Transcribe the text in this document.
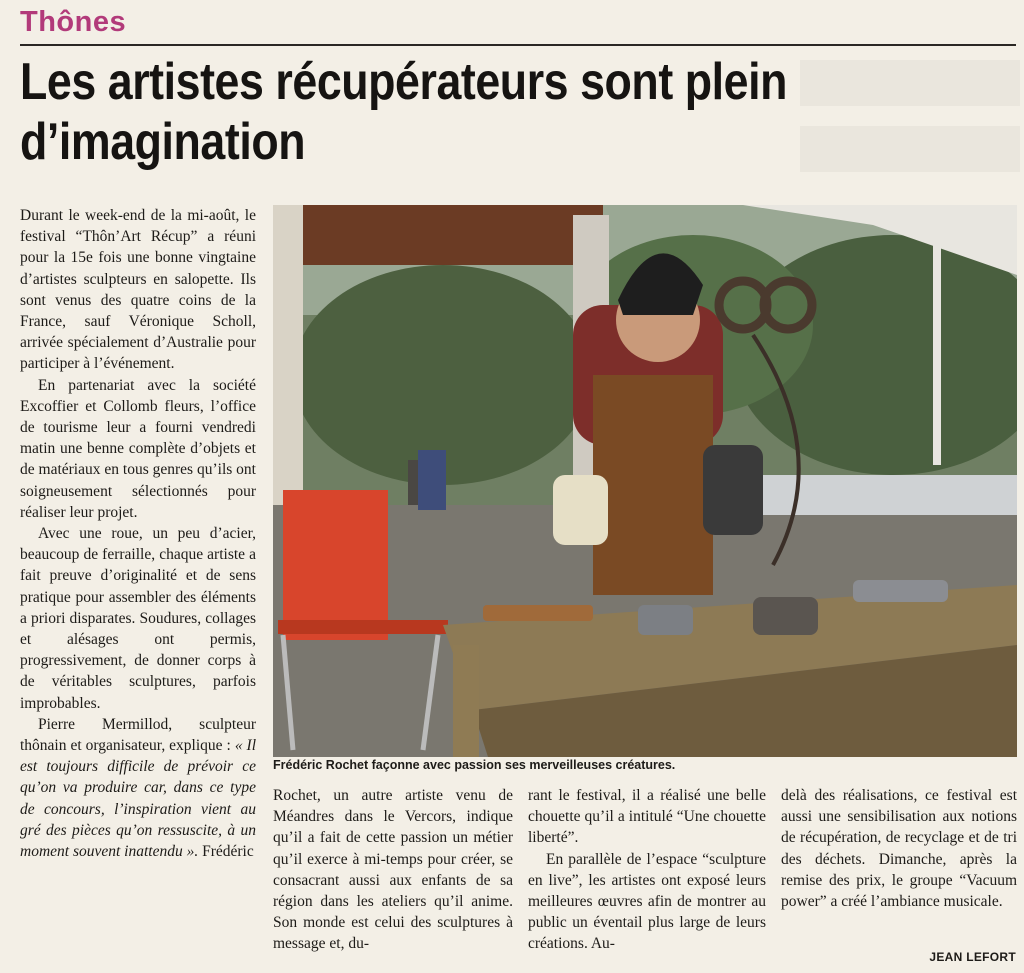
Thônes
Les artistes récupérateurs sont plein d’imagination

Durant le week-end de la mi-août, le festival “Thôn’Art Récup” a réuni pour la 15e fois une bonne vingtaine d’artistes sculpteurs en salopette. Ils sont venus des quatre coins de la France, sauf Véronique Scholl, arrivée spécialement d’Australie pour participer à l’événement.

En partenariat avec la société Excoffier et Collomb fleurs, l’office de tourisme leur a fourni vendredi matin une benne complète d’objets et de matériaux en tous genres qu’ils ont soigneusement sélectionnés pour réaliser leur projet.

Avec une roue, un peu d’acier, beaucoup de ferraille, chaque artiste a fait preuve d’originalité et de sens pratique pour assembler des éléments a priori disparates. Soudures, collages et alésages ont permis, progressivement, de donner corps à de véritables sculptures, parfois improbables.

Pierre Mermillod, sculpteur thônain et organisateur, explique : « Il est toujours difficile de prévoir ce qu’on va produire car, dans ce type de concours, l’inspiration vient au gré des pièces qu’on ressuscite, à un moment souvent inattendu ». Frédéric

Frédéric Rochet façonne avec passion ses merveilleuses créatures.

Rochet, un autre artiste venu de Méandres dans le Vercors, indique qu’il a fait de cette passion un métier qu’il exerce à mi-temps pour créer, se consacrant aussi aux enfants de sa région dans les ateliers qu’il anime. Son monde est celui des sculptures à message et, du-

rant le festival, il a réalisé une belle chouette qu’il a intitulé “Une chouette liberté”.

En parallèle de l’espace “sculpture en live”, les artistes ont exposé leurs meilleures œuvres afin de montrer au public un éventail plus large de leurs créations. Au-

delà des réalisations, ce festival est aussi une sensibilisation aux notions de récupération, de recyclage et de tri des déchets. Dimanche, après la remise des prix, le groupe “Vacuum power” a créé l’ambiance musicale.

JEAN LEFORT
